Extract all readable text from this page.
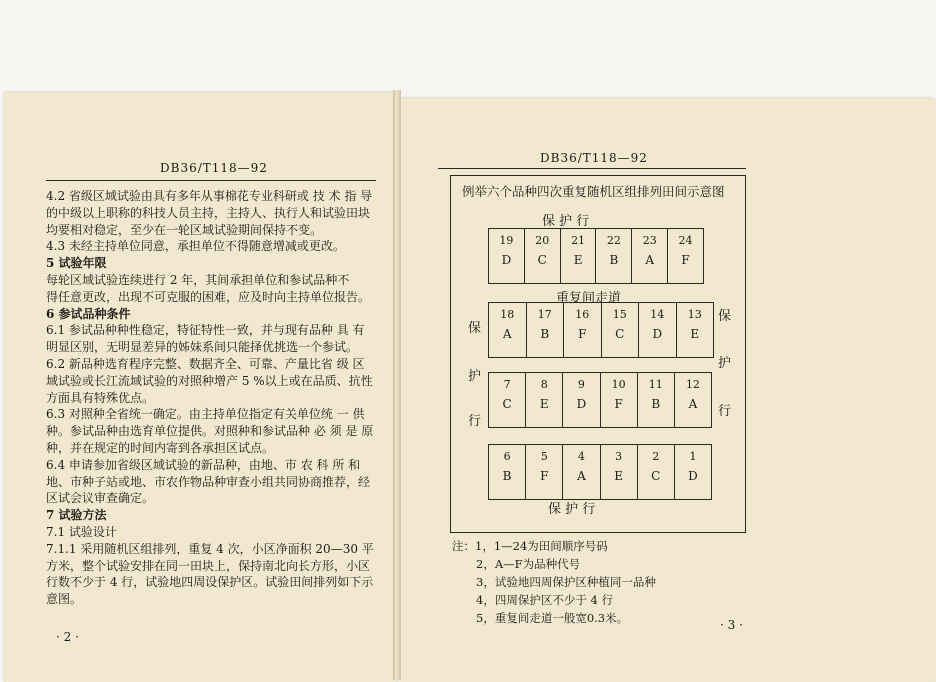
DB36/T118—92
4.2 省级区域试验由具有多年从事棉花专业科研或 技 术 指 导
的中级以上职称的科技人员主持，主持人、执行人和试验田块
均要相对稳定，至少在一轮区域试验期间保持不变。
4.3 未经主持单位同意，承担单位不得随意增减或更改。
5 试验年限
每轮区域试验连续进行 2 年，其间承担单位和参试品种不
得任意更改，出现不可克服的困难，应及时向主持单位报告。
6 参试品种条件
6.1 参试品种种性稳定，特征特性一致，并与现有品种 具 有
明显区别，无明显差异的姊妹系间只能择优挑选一个参试。
6.2 新品种选育程序完整、数据齐全、可靠、产量比省 级 区
域试验或长江流域试验的对照种增产 5 %以上或在品质、抗性
方面具有特殊优点。
6.3 对照种全省统一确定。由主持单位指定有关单位统 一 供
种。参试品种由选育单位提供。对照种和参试品种 必 须 是 原
种，并在规定的时间内寄到各承担区试点。
6.4 申请参加省级区域试验的新品种，由地、市 农 科 所 和
地、市种子站或地、市农作物品种审查小组共同协商推荐，经
区试会议审查确定。
7 试验方法
7.1 试验设计
7.1.1 采用随机区组排列，重复 4 次，小区净面积 20—30 平
方米，整个试验安排在同一田块上，保持南北向长方形，小区
行数不少于 4 行，试验地四周设保护区。试验田间排列如下示
意图。
· 2 ·
DB36/T118—92
例举六个品种四次重复随机区组排列田间示意图
保 护 行
重复间走道
保
护
行
保
护
行
19
D
20
C
21
E
22
B
23
A
24
F
18
A
17
B
16
F
15
C
14
D
13
E
7
C
8
E
9
D
10
F
11
B
12
A
6
B
5
F
4
A
3
E
2
C
1
D
保 护 行
注：1，1—24为田间顺序号码
2，A—F为品种代号
3，试验地四周保护区种植同一品种
4，四周保护区不少于 4 行
5，重复间走道一般宽0.3米。	· 3 ·
